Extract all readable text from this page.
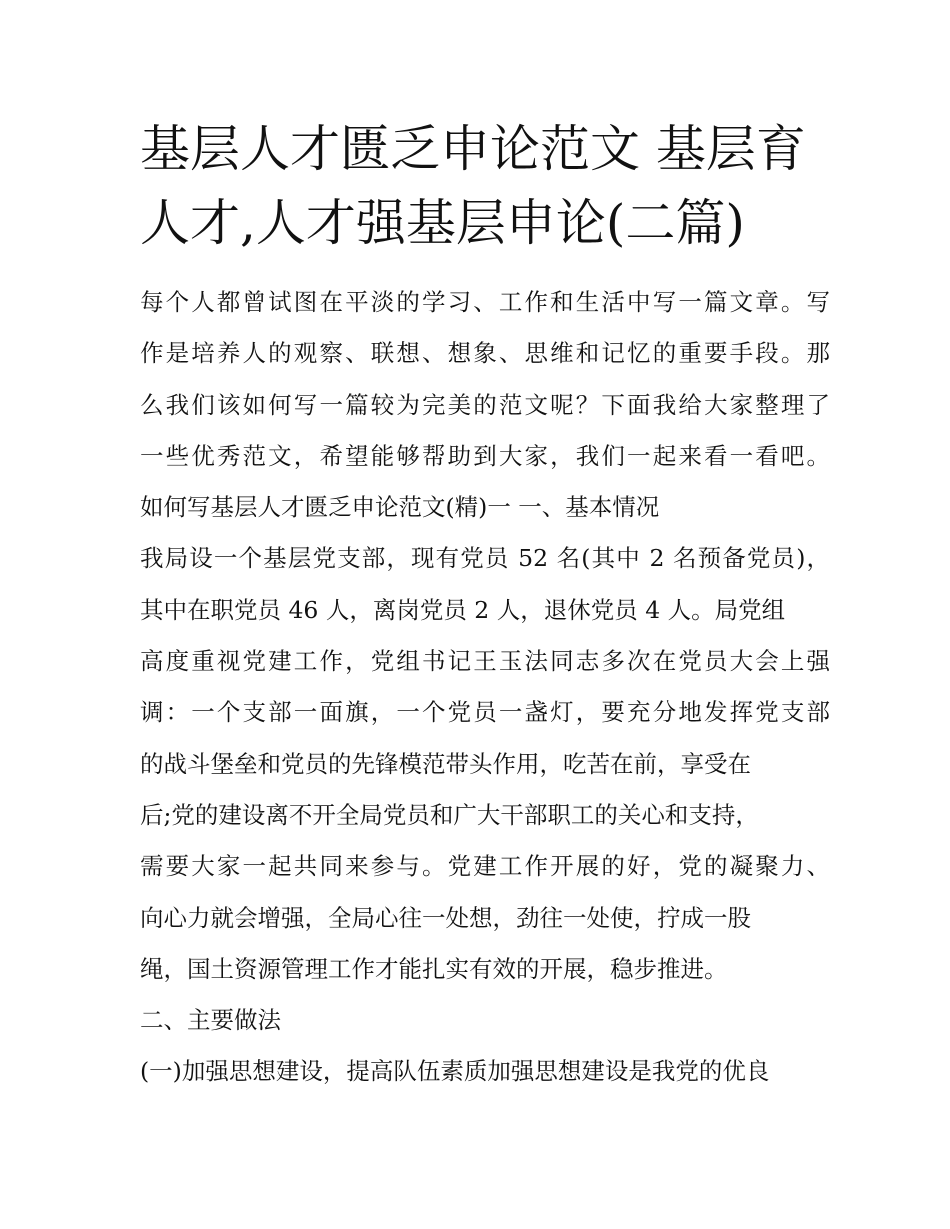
基层人才匮乏申论范文 基层育
人才,人才强基层申论(二篇)
每个人都曾试图在平淡的学习、工作和生活中写一篇文章。写
作是培养人的观察、联想、想象、思维和记忆的重要手段。那
么我们该如何写一篇较为完美的范文呢？下面我给大家整理了
一些优秀范文，希望能够帮助到大家，我们一起来看一看吧。
如何写基层人才匮乏申论范文(精)一 一、基本情况
我局设一个基层党支部，现有党员 52 名(其中 2 名预备党员)，
其中在职党员 46 人，离岗党员 2 人，退休党员 4 人。局党组
高度重视党建工作，党组书记王玉法同志多次在党员大会上强
调：一个支部一面旗，一个党员一盏灯，要充分地发挥党支部
的战斗堡垒和党员的先锋模范带头作用，吃苦在前，享受在
后;党的建设离不开全局党员和广大干部职工的关心和支持，
需要大家一起共同来参与。党建工作开展的好，党的凝聚力、
向心力就会增强，全局心往一处想，劲往一处使，拧成一股
绳，国土资源管理工作才能扎实有效的开展，稳步推进。
二、主要做法
(一)加强思想建设，提高队伍素质加强思想建设是我党的优良
